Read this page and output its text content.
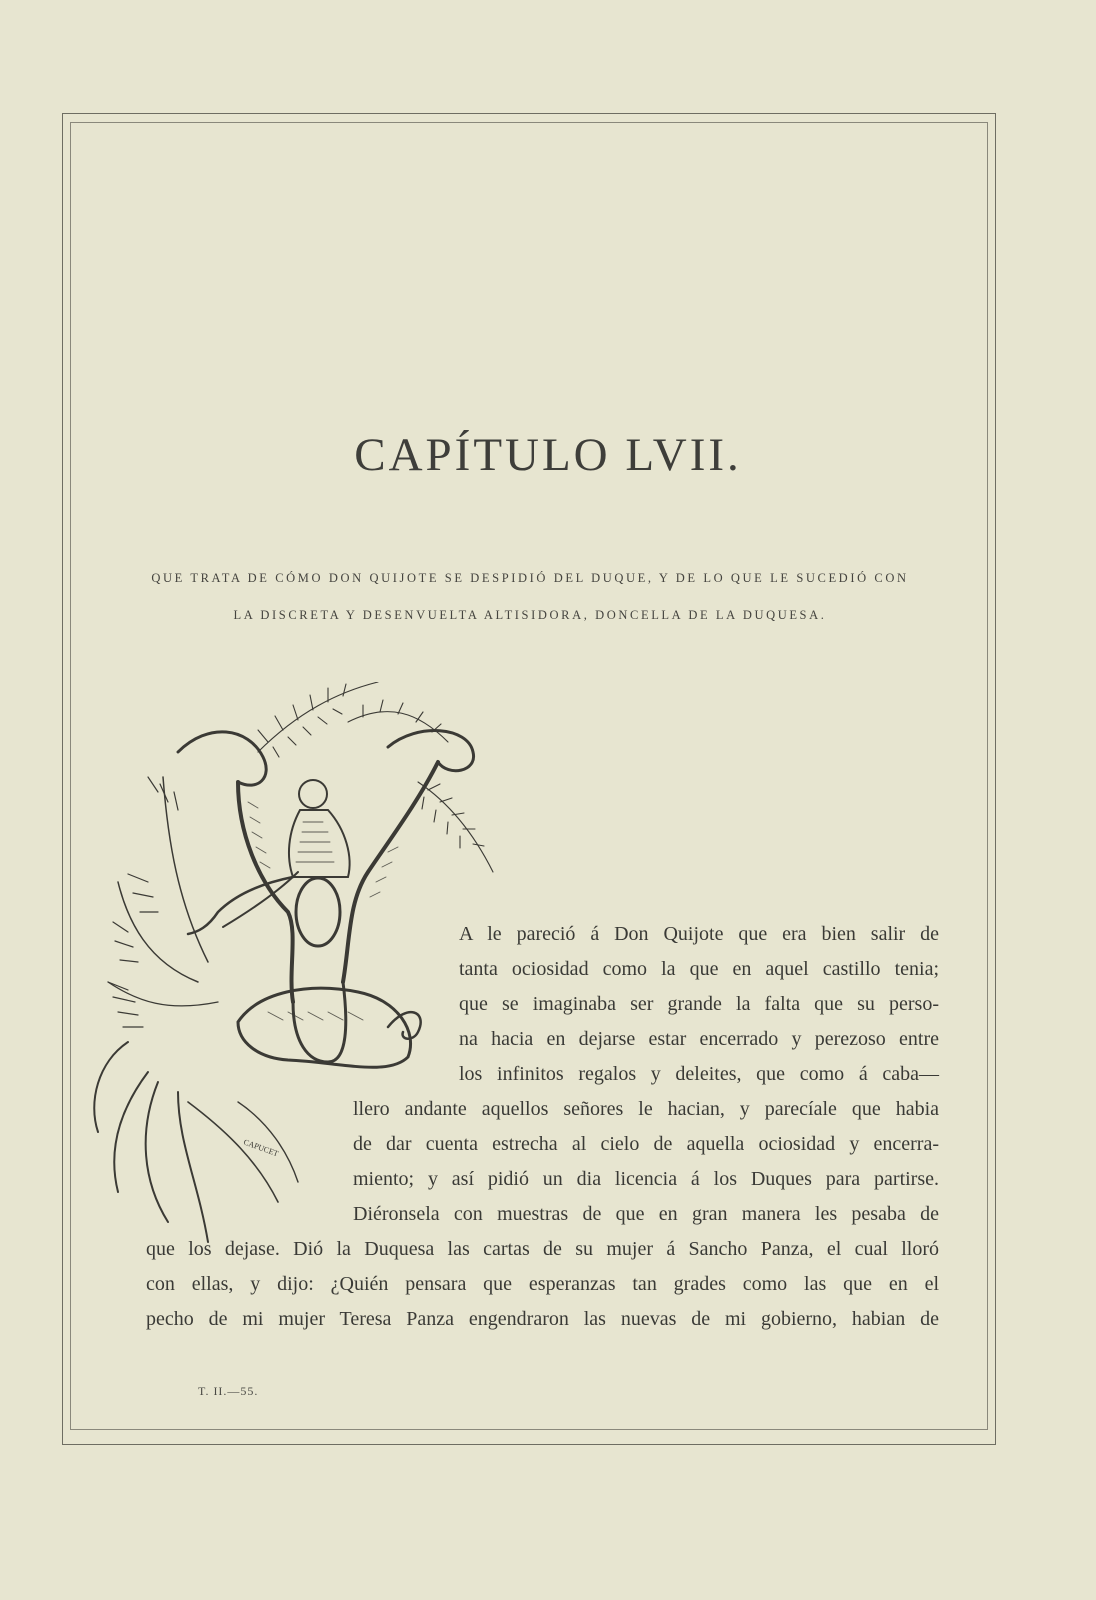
CAPÍTULO LVII.
QUE TRATA DE CÓMO DON QUIJOTE SE DESPIDIÓ DEL DUQUE, Y DE LO QUE LE SUCEDIÓ CON
LA DISCRETA Y DESENVUELTA ALTISIDORA, DONCELLA DE LA DUQUESA.
CAPUCET
A le pareció á Don Quijote que era bien salir de
tanta ociosidad como la que en aquel castillo tenia;
que se imaginaba ser grande la falta que su perso-
na hacia en dejarse estar encerrado y perezoso entre
los infinitos regalos y deleites, que como á caba—
llero andante aquellos señores le hacian, y parecíale que habia
de dar cuenta estrecha al cielo de aquella ociosidad y encerra-
miento; y así pidió un dia licencia á los Duques para partirse.
Diéronsela con muestras de que en gran manera les pesaba de
que los dejase. Dió la Duquesa las cartas de su mujer á Sancho Panza, el cual lloró
con ellas, y dijo: ¿Quién pensara que esperanzas tan grades como las que en el
pecho de mi mujer Teresa Panza engendraron las nuevas de mi gobierno, habian de
T. II.—55.
